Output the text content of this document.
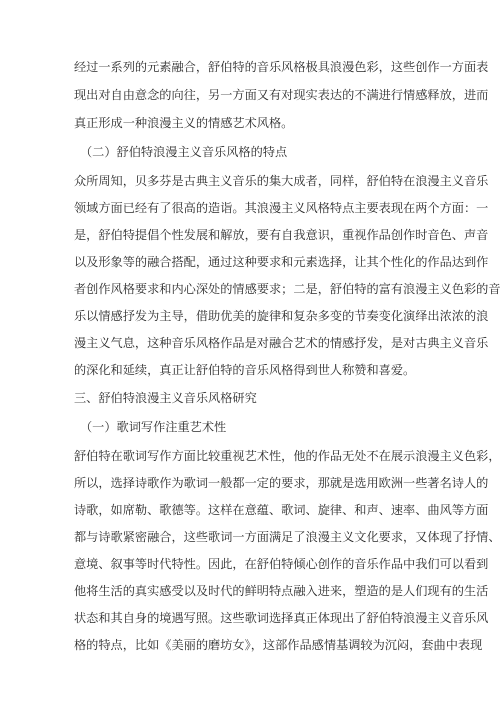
经过一系列的元素融合，舒伯特的音乐风格极具浪漫色彩，这些创作一方面表
现出对自由意念的向往，另一方面又有对现实表达的不满进行情感释放，进而
真正形成一种浪漫主义的情感艺术风格。
（二）舒伯特浪漫主义音乐风格的特点
众所周知，贝多芬是古典主义音乐的集大成者，同样，舒伯特在浪漫主义音乐
领域方面已经有了很高的造诣。其浪漫主义风格特点主要表现在两个方面：一
是，舒伯特提倡个性发展和解放，要有自我意识，重视作品创作时音色、声音
以及形象等的融合搭配，通过这种要求和元素选择，让其个性化的作品达到作
者创作风格要求和内心深处的情感要求；二是，舒伯特的富有浪漫主义色彩的音
乐以情感抒发为主导，借助优美的旋律和复杂多变的节奏变化演绎出浓浓的浪
漫主义气息，这种音乐风格作品是对融合艺术的情感抒发，是对古典主义音乐
的深化和延续，真正让舒伯特的音乐风格得到世人称赞和喜爱。
三、舒伯特浪漫主义音乐风格研究
（一）歌词写作注重艺术性
舒伯特在歌词写作方面比较重视艺术性，他的作品无处不在展示浪漫主义色彩，
所以，选择诗歌作为歌词一般都一定的要求，那就是选用欧洲一些著名诗人的
诗歌，如席勒、歌德等。这样在意蕴、歌词、旋律、和声、速率、曲风等方面
都与诗歌紧密融合，这些歌词一方面满足了浪漫主义文化要求，又体现了抒情、
意境、叙事等时代特性。因此，在舒伯特倾心创作的音乐作品中我们可以看到
他将生活的真实感受以及时代的鲜明特点融入进来，塑造的是人们现有的生活
状态和其自身的境遇写照。这些歌词选择真正体现出了舒伯特浪漫主义音乐风
格的特点，比如《美丽的磨坊女》，这部作品感情基调较为沉闷，套曲中表现
